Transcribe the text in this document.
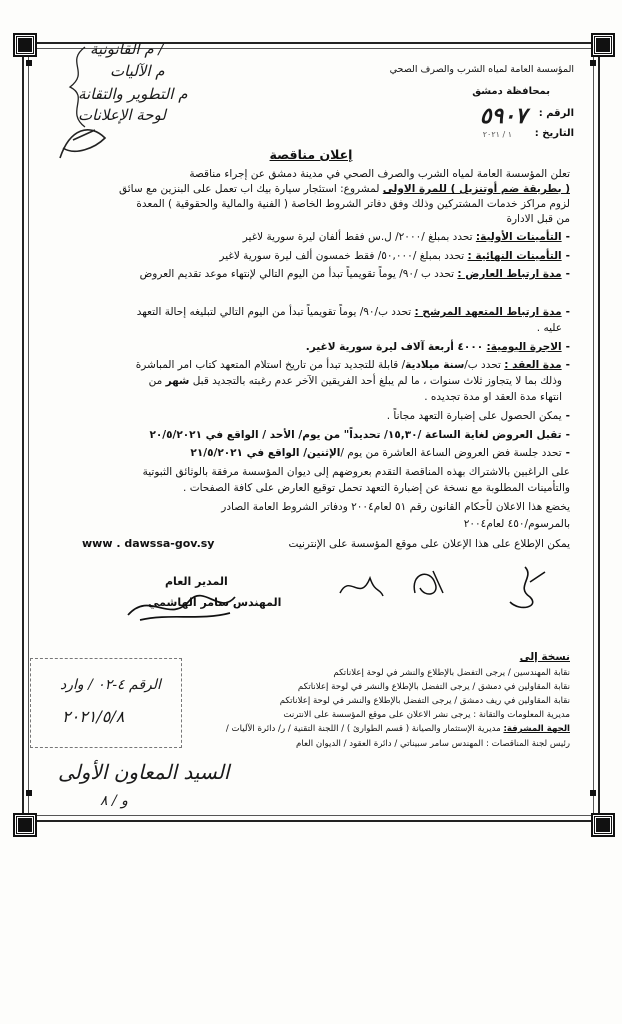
المؤسسة العامة لمياه الشرب والصرف الصحي
بمحافظة دمشق
الرقم :
٥٩٠٧
التاريخ :
١ / ٢٠٢١
/ م القانونية
م الآليات
م التطوير والتقانة
لوحة الإعلانات
إعلان مناقصة
تعلن المؤسسة العامة لمياه الشرب والصرف الصحي في مدينة دمشق عن إجراء مناقصة
( بطريقة ضم أوتنزيل ) للمرة الاولى لمشروع: استئجار سيارة بيك اب تعمل على البنزين مع سائق
لزوم مراكز خدمات المشتركين وذلك وفق دفاتر الشروط الخاصة ( الفنية والمالية والحقوقية ) المعدة
من قبل الادارة
-التأمينات الأولية: تحدد بمبلغ /٢٠٠٠/ ل.س فقط ألفان ليرة سورية لاغير
-التأمينات النهائية : تحدد بمبلغ /٥٠,٠٠٠/ فقط خمسون ألف ليرة سورية لاغير
-مدة ارتباط العارض : تحدد ب /٩٠/ يوماً تقويمياً تبدأ من اليوم التالي لإنتهاء موعد تقديم العروض
-مدة ارتباط المتعهد المرشح : تحدد ب/٩٠/ يوماً تقويمياً تبدأ من اليوم التالي لتبليغه إحالة التعهد
عليه .
-الاجرة اليومية: ٤٠٠٠ أربعة آلاف ليرة سورية لاغير.
-مدة العقد : تحدد ب/سنة ميلادية/ قابلة للتجديد تبدأ من تاريخ استلام المتعهد كتاب امر المباشرة
وذلك بما لا يتجاوز ثلاث سنوات ، ما لم يبلغ أحد الفريقين الآخر عدم رغبته بالتجديد قبل شهر من
انتهاء مدة العقد او مدة تجديده .
-يمكن الحصول على إضبارة التعهد مجاناً .
-تقبل العروض لغاية الساعة /١٥,٣٠/ تحديداً" من يوم/ الأحد / الواقع في ٢٠/٥/٢٠٢١
-تحدد جلسة فض العروض الساعة العاشرة من يوم /الإثنين/ الواقع في ٢١/٥/٢٠٢١
على الراغبين بالاشتراك بهذه المناقصة التقدم بعروضهم إلى ديوان المؤسسة مرفقة بالوثائق الثبوتية
والتأمينات المطلوبة مع نسخة عن إضبارة التعهد تحمل توقيع العارض على كافة الصفحات .
يخضع هذا الاعلان لأحكام القانون رقم ٥١ لعام٢٠٠٤ ودفاتر الشروط العامة الصادر
بالمرسوم/٤٥٠ لعام٢٠٠٤
يمكن الإطلاع على هذا الإعلان على موقع المؤسسة على الإنترنيت
www . dawssa-gov.sy
المدير العام
المهندس سامر الهاشمي
نسخة إلى
نقابة المهندسين / يرجى التفضل بالإطلاع والنشر في لوحة إعلاناتكم
نقابة المقاولين في دمشق / يرجى التفضل بالإطلاع والنشر في لوحة إعلاناتكم
نقابة المقاولين في ريف دمشق / يرجى التفضل بالإطلاع والنشر في لوحة إعلاناتكم
مديرية المعلومات والتقانة : يرجى نشر الاعلان على موقع المؤسسة على الانترنت
الجهة المشرفة: مديرية الإستثمار والصيانة ( قسم الطوارئ ) / اللجنة التقنية / ر/ دائرة الآليات /
رئيس لجنة المناقصات : المهندس سامر سبيناتي / دائرة العقود / الديوان العام
الرقم ٤-٠٢ / وارد
٢٠٢١/٥/٨
السيد المعاون الأولى
و / ٨
